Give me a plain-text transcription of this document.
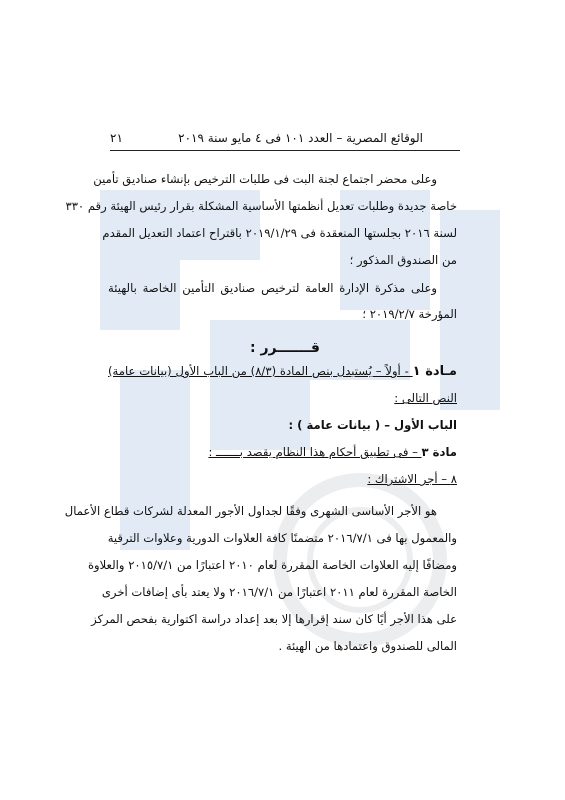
٢١	الوقائع المصرية – العدد ١٠١ فى ٤ مايو سنة ٢٠١٩
وعلى محضر اجتماع لجنة البت فى طلبات الترخيص بإنشاء صناديق تأمين
خاصة جديدة وطلبات تعديل أنظمتها الأساسية المشكلة بقرار رئيس الهيئة رقم ٣٣٠
لسنة ٢٠١٦ بجلستها المنعقدة فى ٢٠١٩/١/٢٩ باقتراح اعتماد التعديل المقدم
من الصندوق المذكور ؛
وعلى مذكرة الإدارة العامة لترخيص صناديق التأمين الخاصة بالهيئة
المؤرخة ٢٠١٩/٢/٧ ؛
قـــــــرر :
مـادة ١ - أولاً – يُستبدل بنص المادة (٨/٣) من الباب الأول (بيانات عامة)
النص التالى :
الباب الأول – ( بيانات عامة ) :
مادة ٣ – فى تطبيق أحكام هذا النظام يقصد بـــــــ :
٨ – أجر الاشتراك :
هو الأجر الأساسى الشهرى وفقًا لجداول الأجور المعدلة لشركات قطاع الأعمال
والمعمول بها فى ٢٠١٦/٧/١ متضمنًا كافة العلاوات الدورية وعلاوات الترقية
ومضافًا إليه العلاوات الخاصة المقررة لعام ٢٠١٠ اعتبارًا من ٢٠١٥/٧/١ والعلاوة
الخاصة المقررة لعام ٢٠١١ اعتبارًا من ٢٠١٦/٧/١ ولا يعتد بأى إضافات أخرى
على هذا الأجر أيًا كان سند إقرارها إلا بعد إعداد دراسة اكتوارية بفحص المركز
المالى للصندوق واعتمادها من الهيئة .
